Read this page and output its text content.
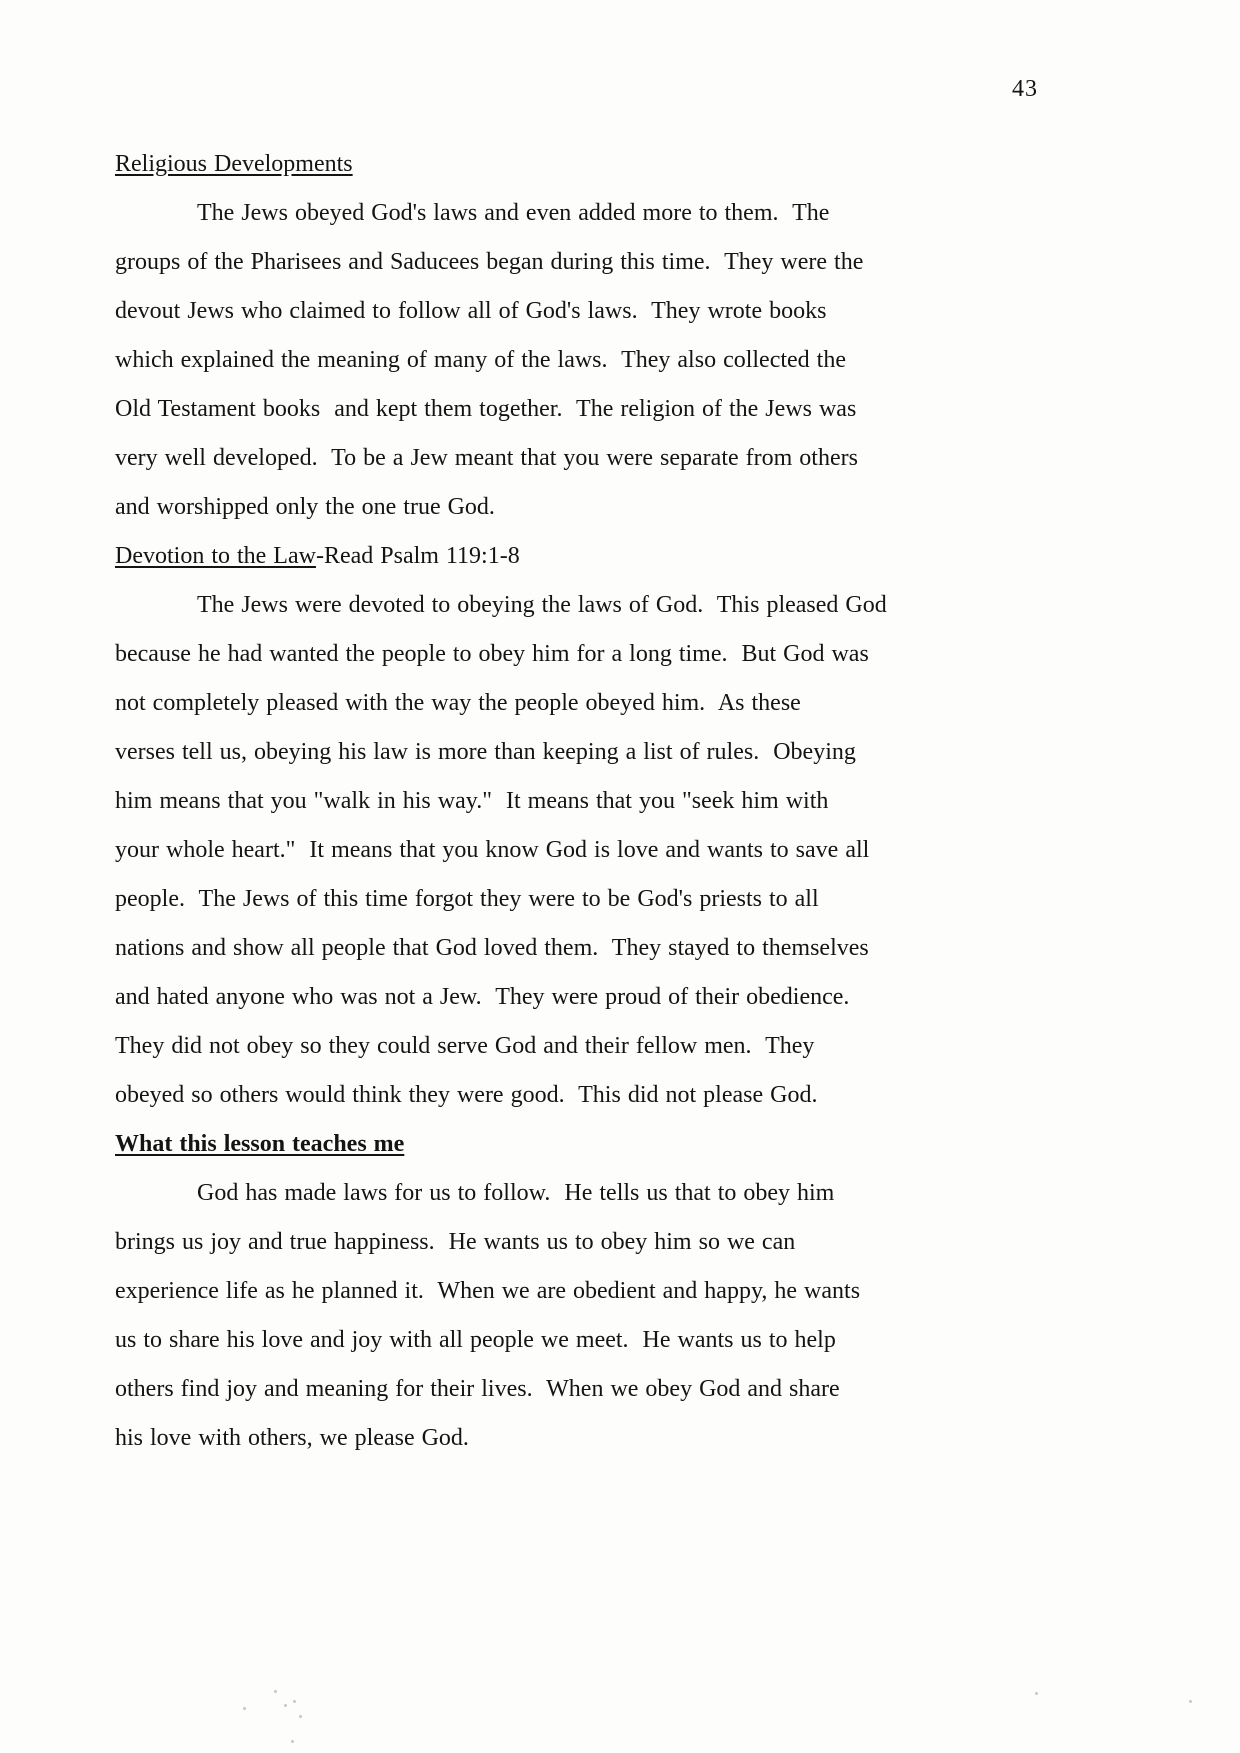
43
Religious Developments
The Jews obeyed God's laws and even added more to them.  The
groups of the Pharisees and Saducees began during this time.  They were the
devout Jews who claimed to follow all of God's laws.  They wrote books
which explained the meaning of many of the laws.  They also collected the
Old Testament books  and kept them together.  The religion of the Jews was
very well developed.  To be a Jew meant that you were separate from others
and worshipped only the one true God.
Devotion to the Law-Read Psalm 119:1-8
The Jews were devoted to obeying the laws of God.  This pleased God
because he had wanted the people to obey him for a long time.  But God was
not completely pleased with the way the people obeyed him.  As these
verses tell us, obeying his law is more than keeping a list of rules.  Obeying
him means that you "walk in his way."  It means that you "seek him with
your whole heart."  It means that you know God is love and wants to save all
people.  The Jews of this time forgot they were to be God's priests to all
nations and show all people that God loved them.  They stayed to themselves
and hated anyone who was not a Jew.  They were proud of their obedience.
They did not obey so they could serve God and their fellow men.  They
obeyed so others would think they were good.  This did not please God.
What this lesson teaches me
God has made laws for us to follow.  He tells us that to obey him
brings us joy and true happiness.  He wants us to obey him so we can
experience life as he planned it.  When we are obedient and happy, he wants
us to share his love and joy with all people we meet.  He wants us to help
others find joy and meaning for their lives.  When we obey God and share
his love with others, we please God.
